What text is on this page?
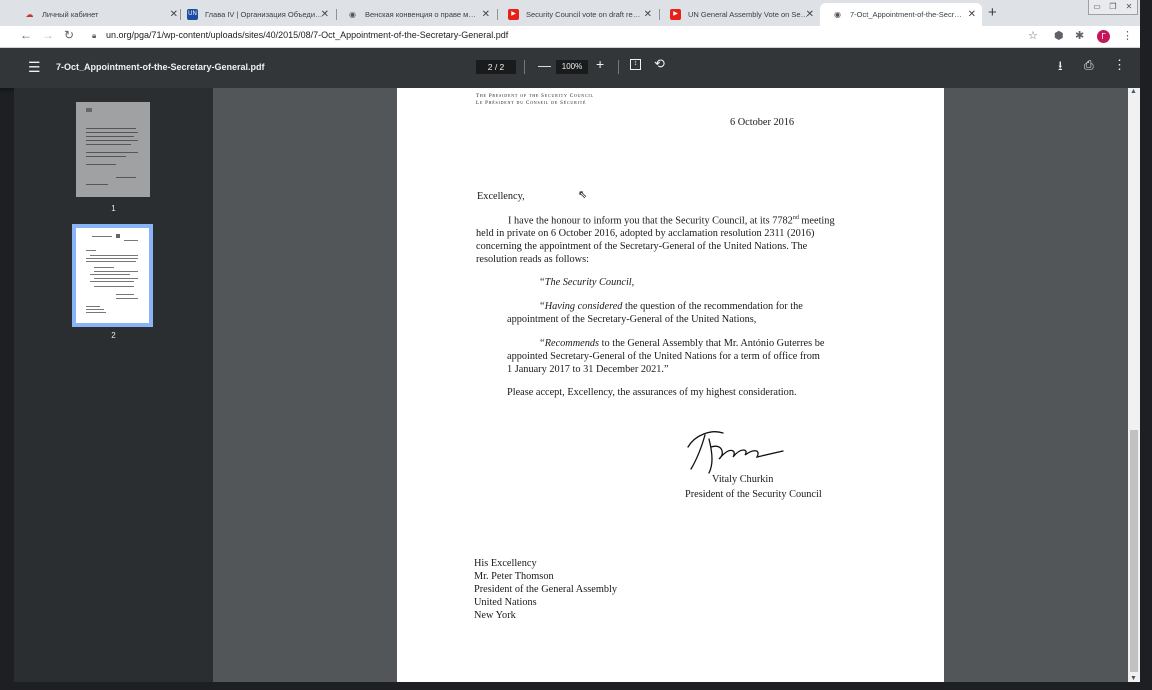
☁ Личный кабинет	✕ UN Глава IV | Организация Объеди…
✕	◉ Венская конвенция о праве м… ✕	▶	Security Council vote on draft re… ✕	▶	UN General Assembly Vote on Se…
✕	◉ 7-Oct_Appointment-of-the-Secr… ✕ +	▭	❐	✕
← → ↻ 🔒︎ un.org/pga/71/wp-content/uploads/sites/40/2015/08/7-Oct_Appointment-of-the-Secretary-General.pdf	☆ ⬢ ✱	Г	⋮
☰ 7-Oct_Appointment-of-the-Secretary-General.pdf	2 / 2	—	100% +	↕ ⟲	⭳ ⎙ ⋮
1
2
The President of the Security Council
Le Président du Conseil de Sécurité
6 October 2016
Excellency,	⇖
I have the honour to inform you that the Security Council, at its 7782nd meeting
held in private on 6 October 2016, adopted by acclamation resolution 2311 (2016)
concerning the appointment of the Secretary-General of the United Nations. The
resolution reads as follows:
“The Security Council,
“Having considered the question of the recommendation for the
appointment of the Secretary-General of the United Nations,
“Recommends to the General Assembly that Mr. António Guterres be
appointed Secretary-General of the United Nations for a term of office from
1 January 2017 to 31 December 2021.”
Please accept, Excellency, the assurances of my highest consideration.
Vitaly Churkin
President of the Security Council
His Excellency
Mr. Peter Thomson
President of the General Assembly
United Nations
New York
▲
▼
